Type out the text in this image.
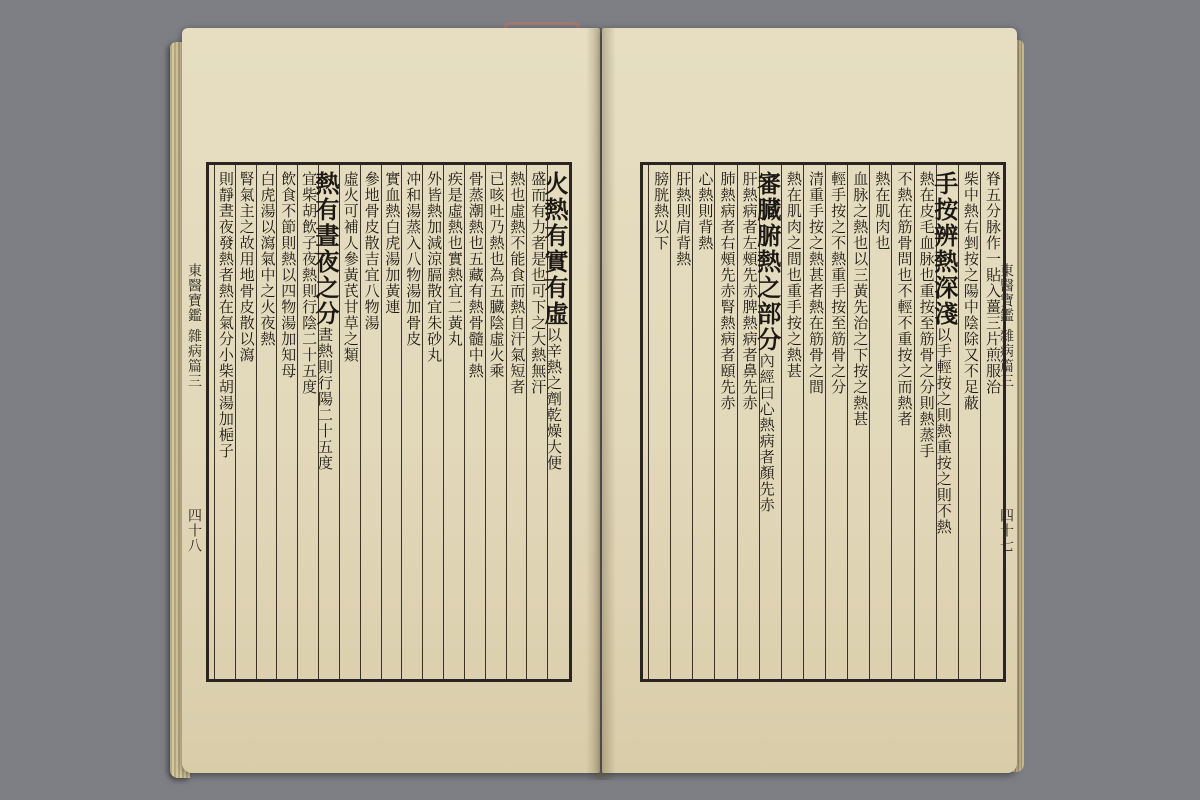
東醫寶鑑 雜病篇三
四十八
火熱有實有虛以辛熱之劑乾燥大便
盛而有力者是也可下之大熱無汗
熱也虛熱不能食而熱自汗氣短者
已咳吐乃熱也為五臓陰虛火乘
骨蒸潮熱也五藏有熱骨髓中熱
疾是虛熱也實熱宜二黃丸
外皆熱加減涼膈散宜朱砂丸
冲和湯蒸入八物湯加骨皮
實血熱白虎湯加黃連
參地骨皮散吉宜八物湯
虛火可補人參黃芪甘草之類
熱有晝夜之分晝熱則行陽二十五度
宜柴胡飲子夜熱則行陰二十五度
飲食不節則熱以四物湯加知母
白虎湯以瀉氣中之火夜熱
腎氣主之故用地骨皮散以瀉
則靜晝夜發熱者熱在氣分小柴胡湯加梔子	東醫寶鑑 雜病篇三
四十七
脊五分脉作一貼入薑三片煎服治
柴中熱右剉按之陽中陰除又不足蔽
手按辨熱深淺以手輕按之則熱重按之則不熱
熱在皮毛血脉也重按至筋骨之分則熱蒸手
不熱在筋骨問也不輕不重按之而熱者
熱在肌肉也
血脉之熱也以三黃先治之下按之熱甚
輕手按之不熱重手按至筋骨之分
清重手按之熱甚者熱在筋骨之間
熱在肌肉之間也重手按之熱甚
審臓腑熱之部分內經曰心熱病者顏先赤
肝熱病者左頰先赤脾熱病者鼻先赤
肺熱病者右頰先赤腎熱病者頤先赤
心熱則背熱
肝熱則肩背熱
膀胱熱以下
